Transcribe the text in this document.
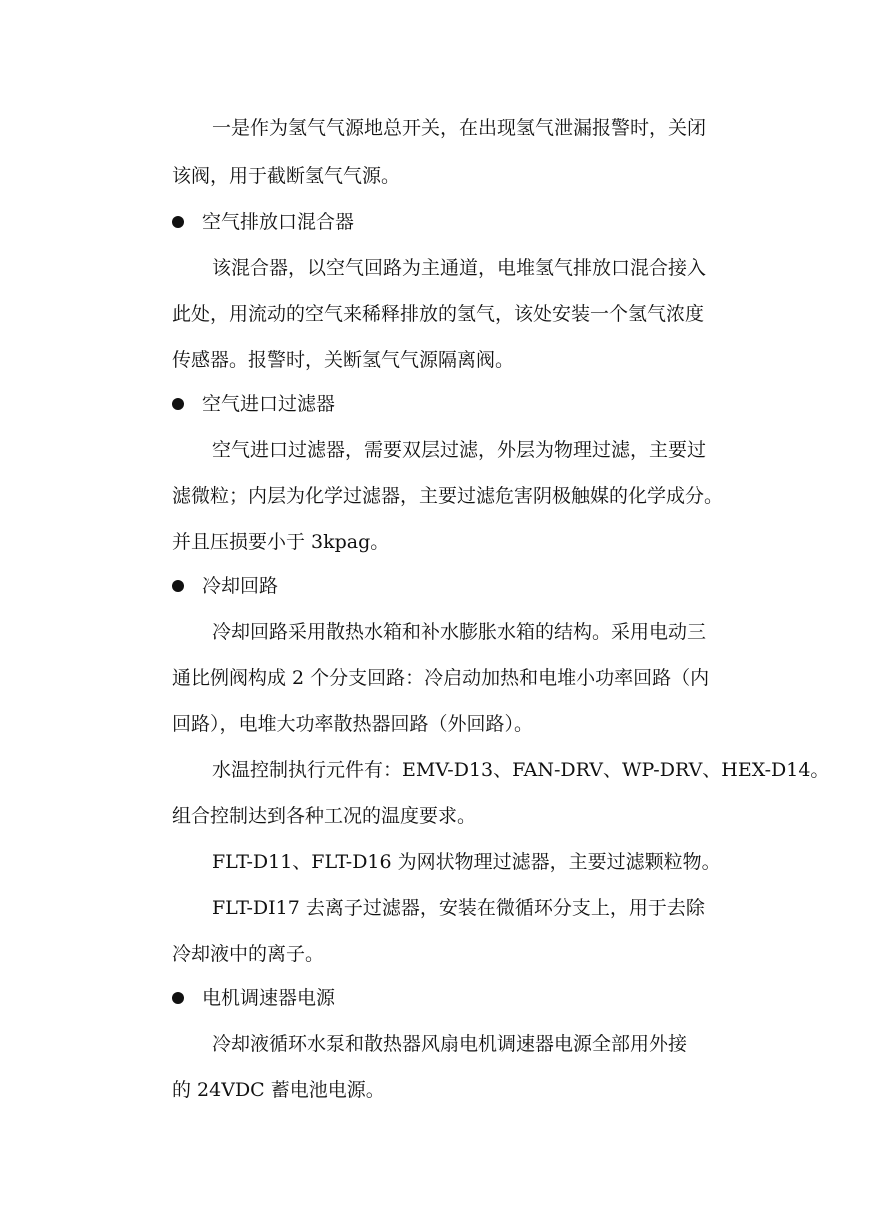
一是作为氢气气源地总开关，在出现氢气泄漏报警时，关闭
该阀，用于截断氢气气源。
空气排放口混合器
该混合器，以空气回路为主通道，电堆氢气排放口混合接入
此处，用流动的空气来稀释排放的氢气，该处安装一个氢气浓度
传感器。报警时，关断氢气气源隔离阀。
空气进口过滤器
空气进口过滤器，需要双层过滤，外层为物理过滤，主要过
滤微粒；内层为化学过滤器，主要过滤危害阴极触媒的化学成分。
并且压损要小于 3kpag。
冷却回路
冷却回路采用散热水箱和补水膨胀水箱的结构。采用电动三
通比例阀构成 2 个分支回路：冷启动加热和电堆小功率回路（内
回路），电堆大功率散热器回路（外回路）。
水温控制执行元件有：EMV-D13、FAN-DRV、WP-DRV、HEX-D14。
组合控制达到各种工况的温度要求。
FLT-D11、FLT-D16 为网状物理过滤器，主要过滤颗粒物。
FLT-DI17 去离子过滤器，安装在微循环分支上，用于去除
冷却液中的离子。
电机调速器电源
冷却液循环水泵和散热器风扇电机调速器电源全部用外接
的 24VDC 蓄电池电源。
